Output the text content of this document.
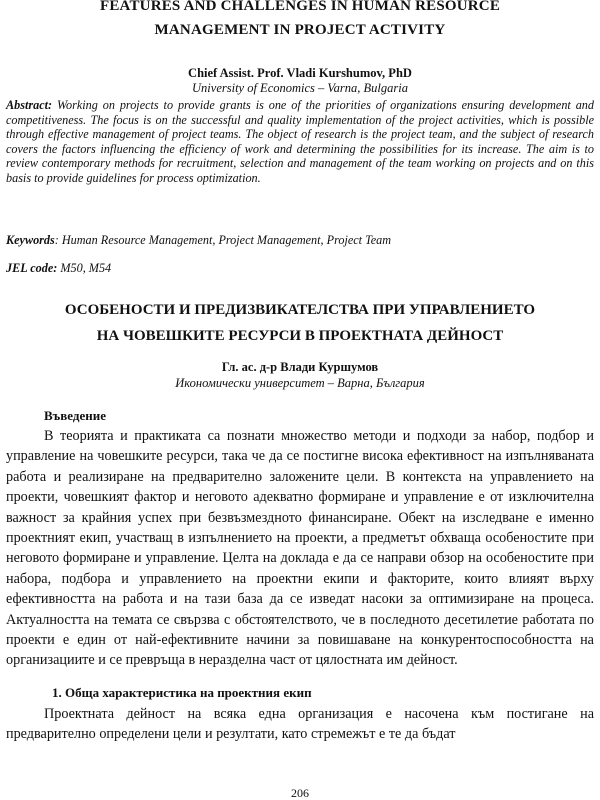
FEATURES AND CHALLENGES IN HUMAN RESOURCE
MANAGEMENT IN PROJECT ACTIVITY
Chief Assist. Prof. Vladi Kurshumov, PhD
University of Economics – Varna, Bulgaria

Abstract: Working on projects to provide grants is one of the priorities of organizations ensuring development and competitiveness. The focus is on the successful and quality implementation of the project activities, which is possible through effective management of project teams. The object of research is the project team, and the subject of research covers the factors influencing the efficiency of work and determining the possibilities for its increase. The aim is to review contemporary methods for recruitment, selection and management of the team working on projects and on this basis to provide guidelines for process optimization.

Keywords: Human Resource Management, Project Management, Project Team

JEL code: M50, M54

ОСОБЕНОСТИ И ПРЕДИЗВИКАТЕЛСТВА ПРИ УПРАВЛЕНИЕТО
НА ЧОВЕШКИТЕ РЕСУРСИ В ПРОЕКТНАТА ДЕЙНОСТ
Гл. ас. д-р Влади Куршумов
Икономически университет – Варна, България
Въведение

В теорията и практиката са познати множество методи и подходи за набор, подбор и управление на човешките ресурси, така че да се постигне висока ефективност на изпълняваната работа и реализиране на предварително заложените цели. В контекста на управлението на проекти, човешкият фактор и неговото адекватно формиране и управление е от изключителна важност за крайния успех при безвъзмездното финансиране. Обект на изследване е именно проектният екип, участващ в изпълнението на проекти, а предметът обхваща особеностите при неговото формиране и управление. Целта на доклада е да се направи обзор на особеностите при набора, подбора и управлението на проектни екипи и факторите, които влияят върху ефективността на работа и на тази база да се изведат насоки за оптимизиране на процеса. Актуалността на темата се свързва с обстоятелството, че в последното десетилетие работата по проекти е един от най-ефективните начини за повишаване на конкурентоспособността на организациите и се превръща в неразделна част от цялостната им дейност.

1. Обща характеристика на проектния екип

Проектната дейност на всяка една организация е насочена към постигане на предварително определени цели и резултати, като стремежът е те да бъдат

206
